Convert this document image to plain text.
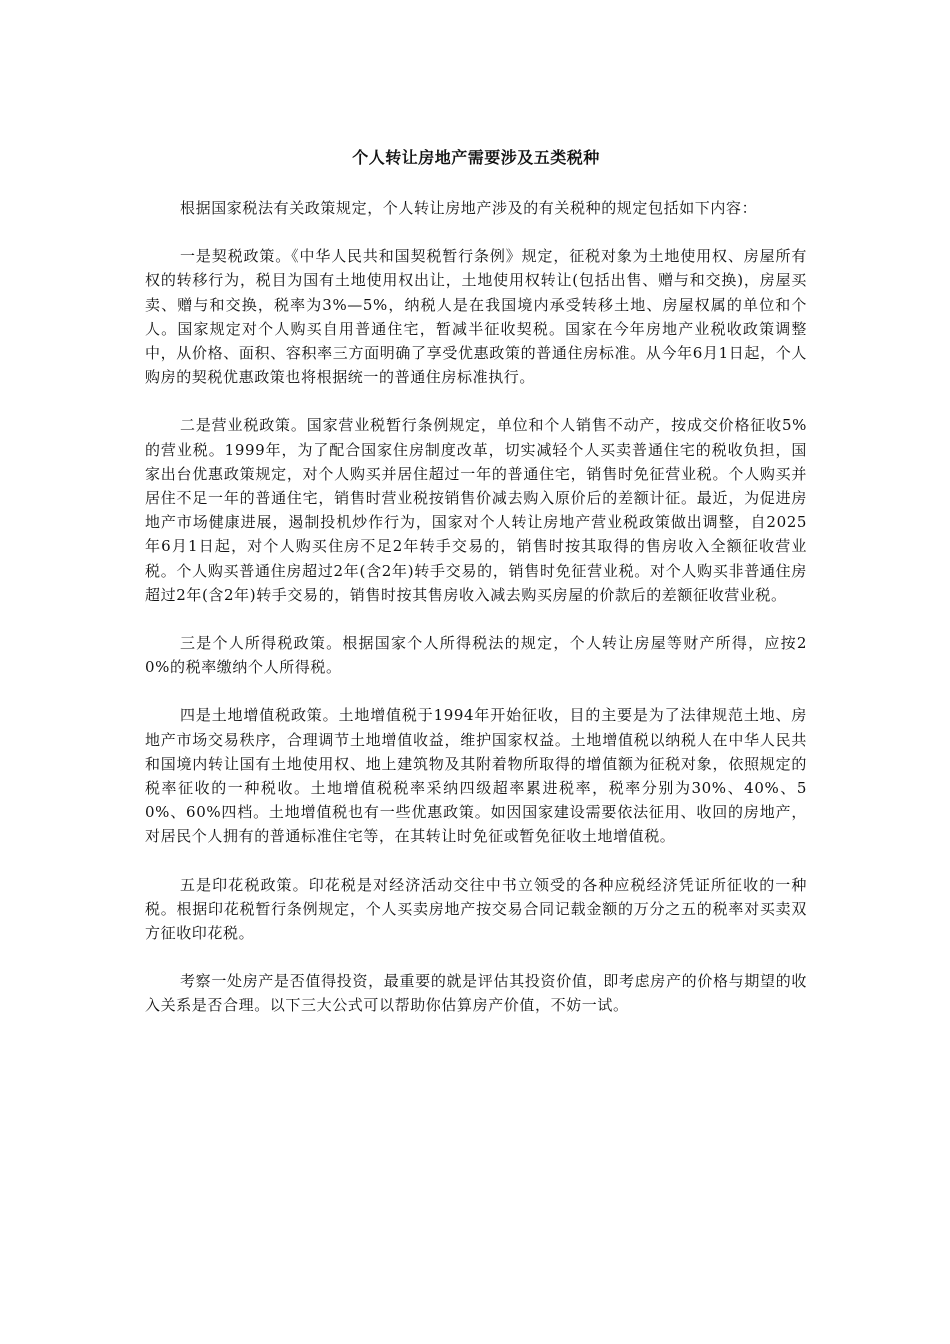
个人转让房地产需要涉及五类税种

根据国家税法有关政策规定，个人转让房地产涉及的有关税种的规定包括如下内容：

一是契税政策。《中华人民共和国契税暂行条例》规定，征税对象为土地使用权、房屋所有权的转移行为，税目为国有土地使用权出让，土地使用权转让(包括出售、赠与和交换)，房屋买卖、赠与和交换，税率为3%—5%，纳税人是在我国境内承受转移土地、房屋权属的单位和个人。国家规定对个人购买自用普通住宅，暂减半征收契税。国家在今年房地产业税收政策调整中，从价格、面积、容积率三方面明确了享受优惠政策的普通住房标准。从今年6月1日起，个人购房的契税优惠政策也将根据统一的普通住房标准执行。

二是营业税政策。国家营业税暂行条例规定，单位和个人销售不动产，按成交价格征收5%的营业税。1999年，为了配合国家住房制度改革，切实减轻个人买卖普通住宅的税收负担，国家出台优惠政策规定，对个人购买并居住超过一年的普通住宅，销售时免征营业税。个人购买并居住不足一年的普通住宅，销售时营业税按销售价减去购入原价后的差额计征。最近，为促进房地产市场健康进展，遏制投机炒作行为，国家对个人转让房地产营业税政策做出调整，自2025年6月1日起，对个人购买住房不足2年转手交易的，销售时按其取得的售房收入全额征收营业税。个人购买普通住房超过2年(含2年)转手交易的，销售时免征营业税。对个人购买非普通住房超过2年(含2年)转手交易的，销售时按其售房收入减去购买房屋的价款后的差额征收营业税。

三是个人所得税政策。根据国家个人所得税法的规定，个人转让房屋等财产所得，应按20%的税率缴纳个人所得税。

四是土地增值税政策。土地增值税于1994年开始征收，目的主要是为了法律规范土地、房地产市场交易秩序，合理调节土地增值收益，维护国家权益。土地增值税以纳税人在中华人民共和国境内转让国有土地使用权、地上建筑物及其附着物所取得的增值额为征税对象，依照规定的税率征收的一种税收。土地增值税税率采纳四级超率累进税率，税率分别为30%、40%、50%、60%四档。土地增值税也有一些优惠政策。如因国家建设需要依法征用、收回的房地产，对居民个人拥有的普通标准住宅等，在其转让时免征或暂免征收土地增值税。

五是印花税政策。印花税是对经济活动交往中书立领受的各种应税经济凭证所征收的一种税。根据印花税暂行条例规定，个人买卖房地产按交易合同记载金额的万分之五的税率对买卖双方征收印花税。

考察一处房产是否值得投资，最重要的就是评估其投资价值，即考虑房产的价格与期望的收入关系是否合理。以下三大公式可以帮助你估算房产价值，不妨一试。
